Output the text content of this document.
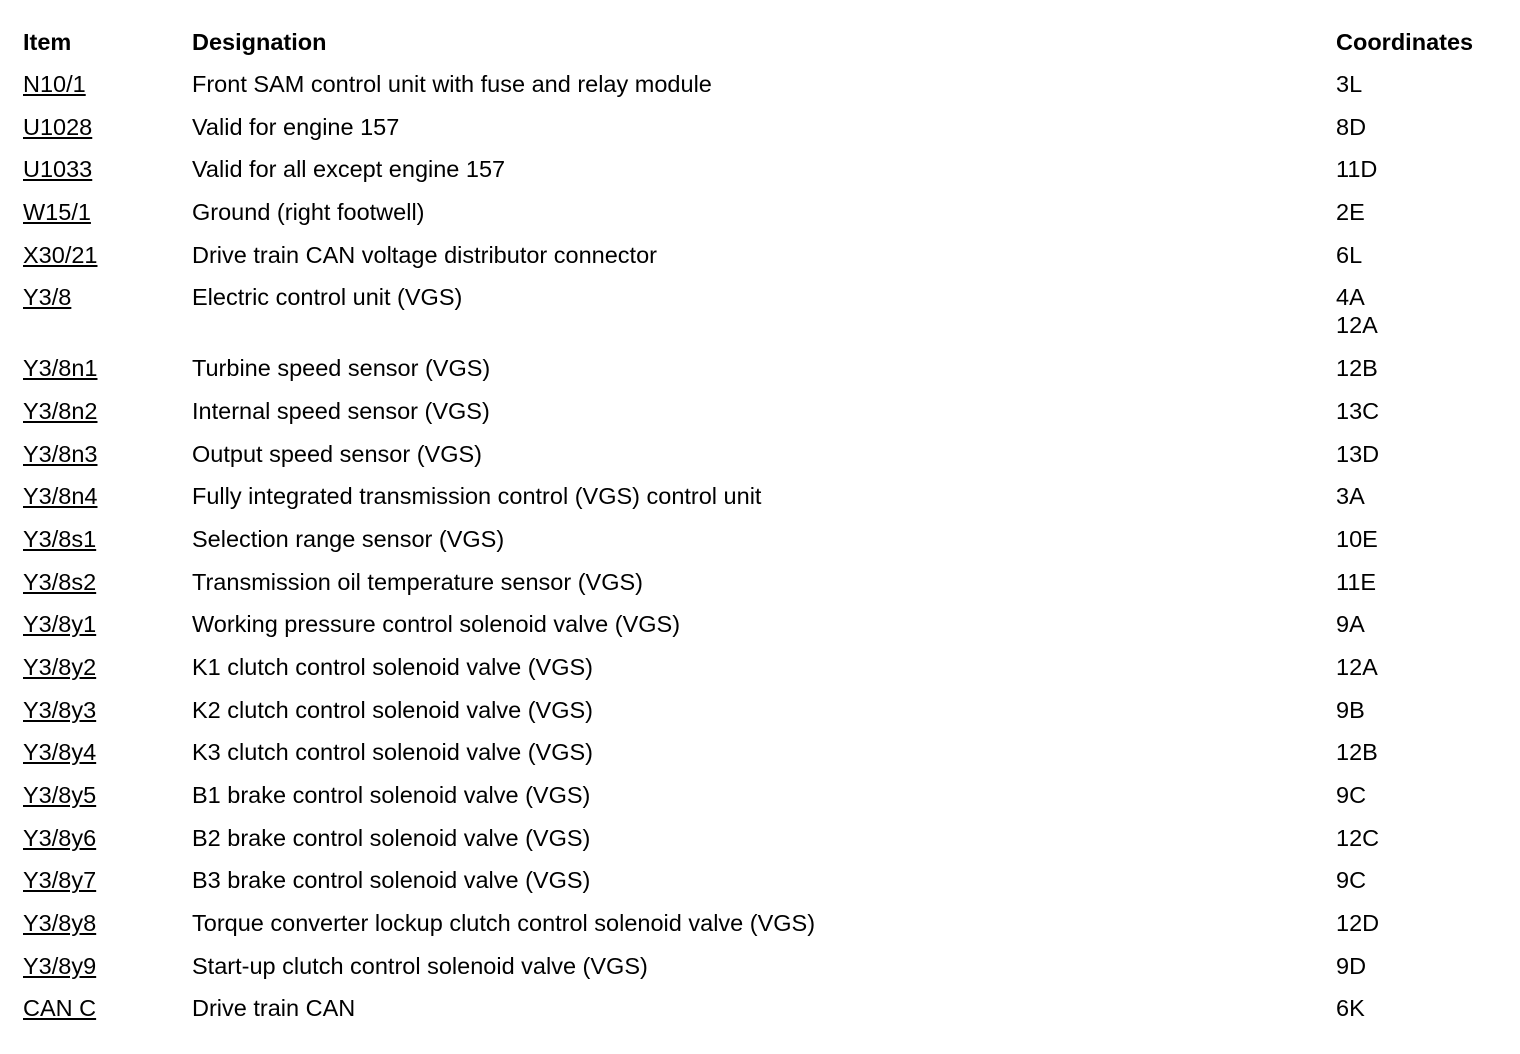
Item	Designation	Coordinates
N10/1	Front SAM control unit with fuse and relay module	3L
U1028	Valid for engine 157	8D
U1033	Valid for all except engine 157	11D
W15/1	Ground (right footwell)	2E
X30/21	Drive train CAN voltage distributor connector	6L
Y3/8	Electric control unit (VGS)	4A
12A
Y3/8n1	Turbine speed sensor (VGS)	12B
Y3/8n2	Internal speed sensor (VGS)	13C
Y3/8n3	Output speed sensor (VGS)	13D
Y3/8n4	Fully integrated transmission control (VGS) control unit	3A
Y3/8s1	Selection range sensor (VGS)	10E
Y3/8s2	Transmission oil temperature sensor (VGS)	11E
Y3/8y1	Working pressure control solenoid valve (VGS)	9A
Y3/8y2	K1 clutch control solenoid valve (VGS)	12A
Y3/8y3	K2 clutch control solenoid valve (VGS)	9B
Y3/8y4	K3 clutch control solenoid valve (VGS)	12B
Y3/8y5	B1 brake control solenoid valve (VGS)	9C
Y3/8y6	B2 brake control solenoid valve (VGS)	12C
Y3/8y7	B3 brake control solenoid valve (VGS)	9C
Y3/8y8	Torque converter lockup clutch control solenoid valve (VGS)	12D
Y3/8y9	Start-up clutch control solenoid valve (VGS)	9D
CAN C	Drive train CAN	6K
